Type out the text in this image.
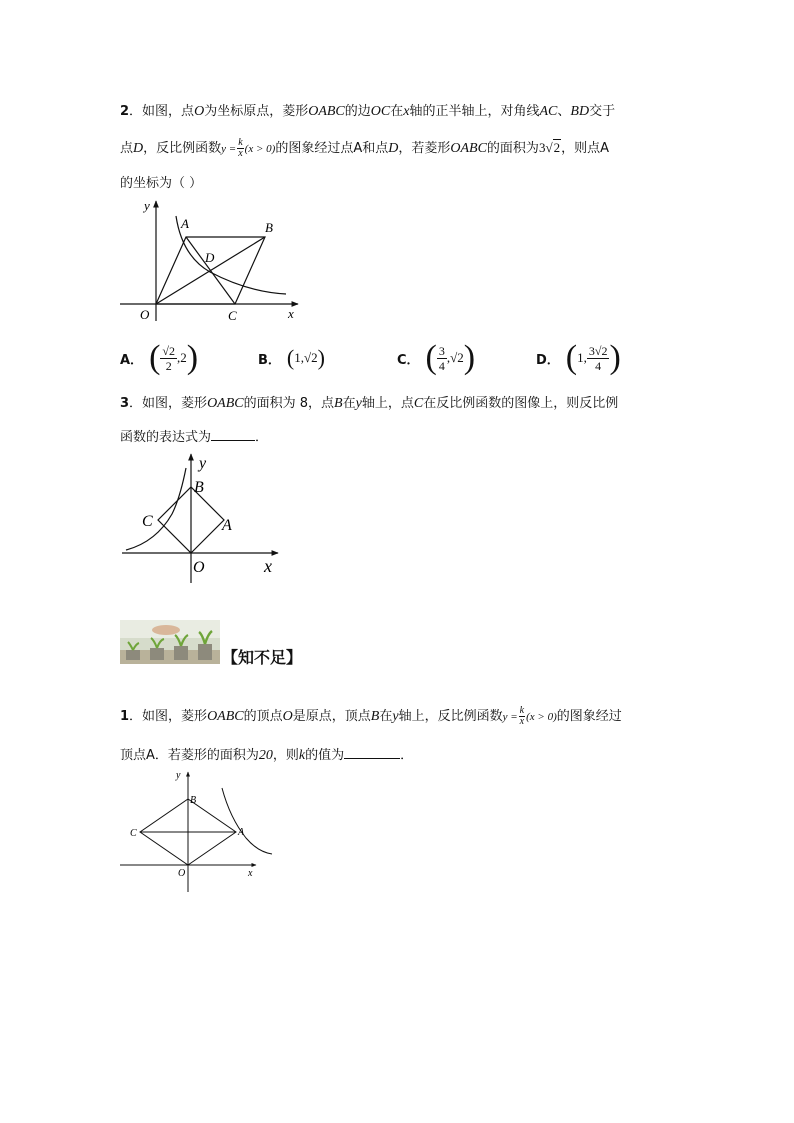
2．如图，点O为坐标原点，菱形OABC的边OC在x轴的正半轴上，对角线AC、BD交于
点D，反比例函数$y = \frac{k}{x} (x > 0)$的图象经过点A和点D，若菱形OABC的面积为3√2，则点A
的坐标为（ ）
y
A	B
D
O	C	x
A． ( √2
2
, 2 )	B． ( 1 , √2 )	C． ( 3
4
, √2 )	D． ( 1 , 3√2
4 )
3．如图，菱形OABC的面积为 8，点B在y轴上，点C在反比例函数的图像上，则反比例
函数的表达式为	．
y
B
C	A
O	x
【知不足】
1．如图，菱形OABC的顶点O是原点，顶点B在y轴上，反比例函数$y = \frac{k}{x} (x > 0)$的图象经过
顶点A．若菱形的面积为20，则k的值为	．
y
B
C	A
O	x
